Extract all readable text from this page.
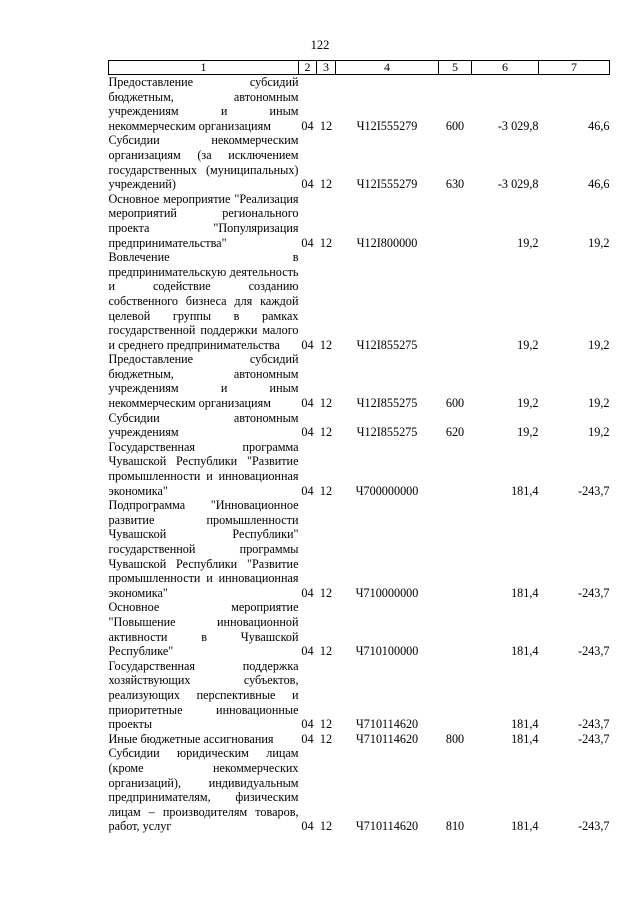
122
1	2	3	4	5	6	7
Предоставление субсидий бюджетным, автономным учреждениям и иным некоммерческим организациям	04	12	Ч12I555279	600	-3 029,8	46,6
Субсидии некоммерческим организациям (за исключением государственных (муниципальных) учреждений)	04	12	Ч12I555279	630	-3 029,8	46,6
Основное мероприятие "Реализация мероприятий регионального проекта "Популяризация предпринимательства"	04	12	Ч12I800000		19,2	19,2
Вовлечение в предпринимательскую деятельность и содействие созданию собственного бизнеса для каждой целевой группы в рамках государственной поддержки малого и среднего предпринимательства	04	12	Ч12I855275		19,2	19,2
Предоставление субсидий бюджетным, автономным учреждениям и иным некоммерческим организациям	04	12	Ч12I855275	600	19,2	19,2
Субсидии автономным учреждениям	04	12	Ч12I855275	620	19,2	19,2
Государственная программа Чувашской Республики "Развитие промышленности и инновационная экономика"	04	12	Ч700000000		181,4	-243,7
Подпрограмма "Инновационное развитие промышленности Чувашской Республики" государственной программы Чувашской Республики "Развитие промышленности и инновационная экономика"	04	12	Ч710000000		181,4	-243,7
Основное мероприятие "Повышение инновационной активности в Чувашской Республике"	04	12	Ч710100000		181,4	-243,7
Государственная поддержка хозяйствующих субъектов, реализующих перспективные и приоритетные инновационные проекты	04	12	Ч710114620		181,4	-243,7
Иные бюджетные ассигнования	04	12	Ч710114620	800	181,4	-243,7
Субсидии юридическим лицам (кроме некоммерческих организаций), индивидуальным предпринимателям, физическим лицам – производителям товаров, работ, услуг	04	12	Ч710114620	810	181,4	-243,7
